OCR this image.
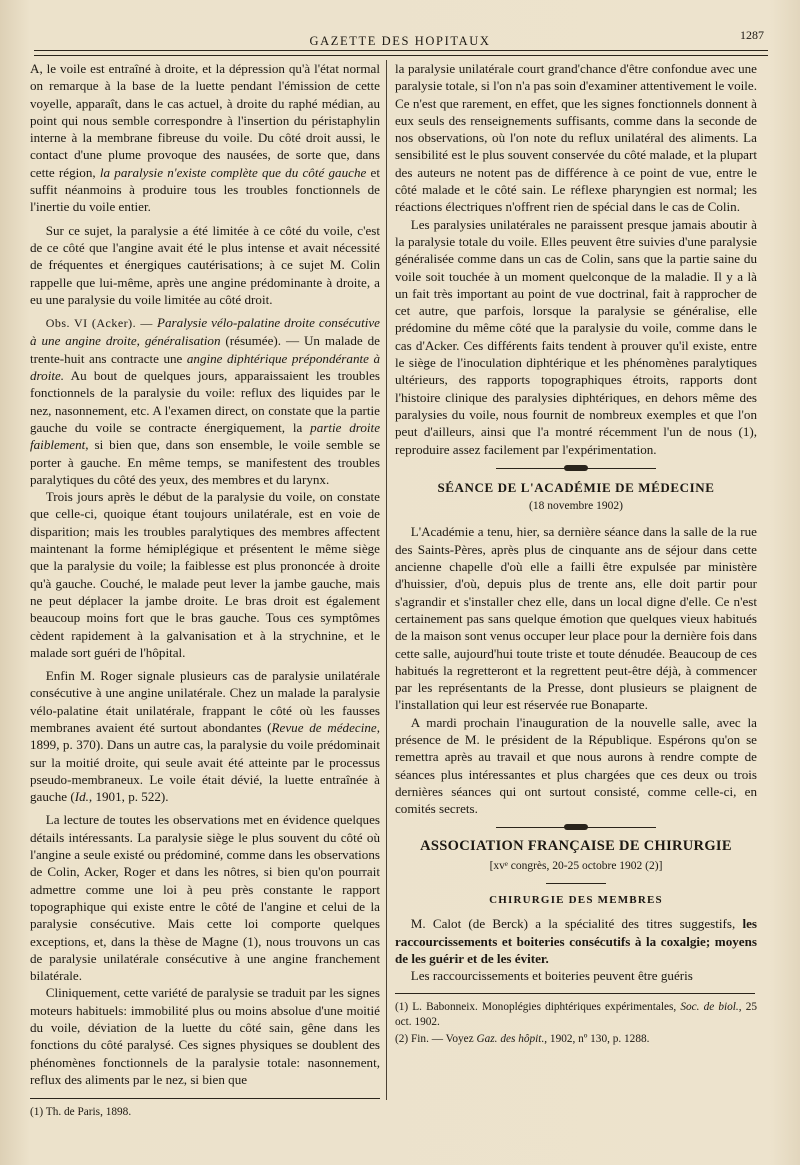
GAZETTE DES HOPITAUX	1287

A, le voile est entraîné à droite, et la dépression qu'à l'état normal on remarque à la base de la luette pendant l'émission de cette voyelle, apparaît, dans le cas actuel, à droite du raphé médian, au point qui nous semble correspondre à l'insertion du péristaphylin interne à la membrane fibreuse du voile. Du côté droit aussi, le contact d'une plume provoque des nausées, de sorte que, dans cette région, la paralysie n'existe complète que du côté gauche et suffit néanmoins à produire tous les troubles fonctionnels de l'inertie du voile entier.

Sur ce sujet, la paralysie a été limitée à ce côté du voile, c'est de ce côté que l'angine avait été le plus intense et avait nécessité de fréquentes et énergiques cautérisations; à ce sujet M. Colin rappelle que lui-même, après une angine prédominante à droite, a eu une paralysie du voile limitée au côté droit.

Obs. VI (Acker). — Paralysie vélo-palatine droite consécutive à une angine droite, généralisation (résumée). — Un malade de trente-huit ans contracte une angine diphtérique prépondérante à droite. Au bout de quelques jours, apparaissaient les troubles fonctionnels de la paralysie du voile: reflux des liquides par le nez, nasonnement, etc. A l'examen direct, on constate que la partie gauche du voile se contracte énergiquement, la partie droite faiblement, si bien que, dans son ensemble, le voile semble se porter à gauche. En même temps, se manifestent des troubles paralytiques du côté des yeux, des membres et du larynx.

Trois jours après le début de la paralysie du voile, on constate que celle-ci, quoique étant toujours unilatérale, est en voie de disparition; mais les troubles paralytiques des membres affectent maintenant la forme hémiplégique et présentent le même siège que la paralysie du voile; la faiblesse est plus prononcée à droite qu'à gauche. Couché, le malade peut lever la jambe gauche, mais ne peut déplacer la jambe droite. Le bras droit est également beaucoup moins fort que le bras gauche. Tous ces symptômes cèdent rapidement à la galvanisation et à la strychnine, et le malade sort guéri de l'hôpital.

Enfin M. Roger signale plusieurs cas de paralysie unilatérale consécutive à une angine unilatérale. Chez un malade la paralysie vélo-palatine était unilatérale, frappant le côté où les fausses membranes avaient été surtout abondantes (Revue de médecine, 1899, p. 370). Dans un autre cas, la paralysie du voile prédominait sur la moitié droite, qui seule avait été atteinte par le processus pseudo-membraneux. Le voile était dévié, la luette entraînée à gauche (Id., 1901, p. 522).

La lecture de toutes les observations met en évidence quelques détails intéressants. La paralysie siège le plus souvent du côté où l'angine a seule existé ou prédominé, comme dans les observations de Colin, Acker, Roger et dans les nôtres, si bien qu'on pourrait admettre comme une loi à peu près constante le rapport topographique qui existe entre le côté de l'angine et celui de la paralysie consécutive. Mais cette loi comporte quelques exceptions, et, dans la thèse de Magne (1), nous trouvons un cas de paralysie unilatérale consécutive à une angine franchement bilatérale.

Cliniquement, cette variété de paralysie se traduit par les signes moteurs habituels: immobilité plus ou moins absolue d'une moitié du voile, déviation de la luette du côté sain, gêne dans les fonctions du côté paralysé. Ces signes physiques se doublent des phénomènes fonctionnels de la paralysie totale: nasonnement, reflux des aliments par le nez, si bien que

(1) Th. de Paris, 1898.

la paralysie unilatérale court grand'chance d'être confondue avec une paralysie totale, si l'on n'a pas soin d'examiner attentivement le voile. Ce n'est que rarement, en effet, que les signes fonctionnels donnent à eux seuls des renseignements suffisants, comme dans la seconde de nos observations, où l'on note du reflux unilatéral des aliments. La sensibilité est le plus souvent conservée du côté malade, et la plupart des auteurs ne notent pas de différence à ce point de vue, entre le côté malade et le côté sain. Le réflexe pharyngien est normal; les réactions électriques n'offrent rien de spécial dans le cas de Colin.

Les paralysies unilatérales ne paraissent presque jamais aboutir à la paralysie totale du voile. Elles peuvent être suivies d'une paralysie généralisée comme dans un cas de Colin, sans que la partie saine du voile soit touchée à un moment quelconque de la maladie. Il y a là un fait très important au point de vue doctrinal, fait à rapprocher de cet autre, que parfois, lorsque la paralysie se généralise, elle prédomine du même côté que la paralysie du voile, comme dans le cas d'Acker. Ces différents faits tendent à prouver qu'il existe, entre le siège de l'inoculation diphtérique et les phénomènes paralytiques ultérieurs, des rapports topographiques étroits, rapports dont l'histoire clinique des paralysies diphtériques, en dehors même des paralysies du voile, nous fournit de nombreux exemples et que l'on peut d'ailleurs, ainsi que l'a montré récemment l'un de nous (1), reproduire assez facilement par l'expérimentation.

SÉANCE DE L'ACADÉMIE DE MÉDECINE
(18 novembre 1902)

L'Académie a tenu, hier, sa dernière séance dans la salle de la rue des Saints-Pères, après plus de cinquante ans de séjour dans cette ancienne chapelle d'où elle a failli être expulsée par ministère d'huissier, d'où, depuis plus de trente ans, elle doit partir pour s'agrandir et s'installer chez elle, dans un local digne d'elle. Ce n'est certainement pas sans quelque émotion que quelques vieux habitués de la maison sont venus occuper leur place pour la dernière fois dans cette salle, aujourd'hui toute triste et toute dénudée. Beaucoup de ces habitués la regretteront et la regrettent peut-être déjà, à commencer par les représentants de la Presse, dont plusieurs se plaignent de l'installation qui leur est réservée rue Bonaparte.

A mardi prochain l'inauguration de la nouvelle salle, avec la présence de M. le président de la République. Espérons qu'on se remettra après au travail et que nous aurons à rendre compte de séances plus intéressantes et plus chargées que ces deux ou trois dernières séances qui ont surtout consisté, comme celle-ci, en comités secrets.

ASSOCIATION FRANÇAISE DE CHIRURGIE
[xvᵉ congrès, 20-25 octobre 1902 (2)]
CHIRURGIE DES MEMBRES

M. Calot (de Berck) a la spécialité des titres suggestifs, les raccourcissements et boiteries consécutifs à la coxalgie; moyens de les guérir et de les éviter.

Les raccourcissements et boiteries peuvent être guéris

(1) L. Babonneix. Monoplégies diphtériques expérimentales, Soc. de biol., 25 oct. 1902.
(2) Fin. — Voyez Gaz. des hôpit., 1902, nº 130, p. 1288.
